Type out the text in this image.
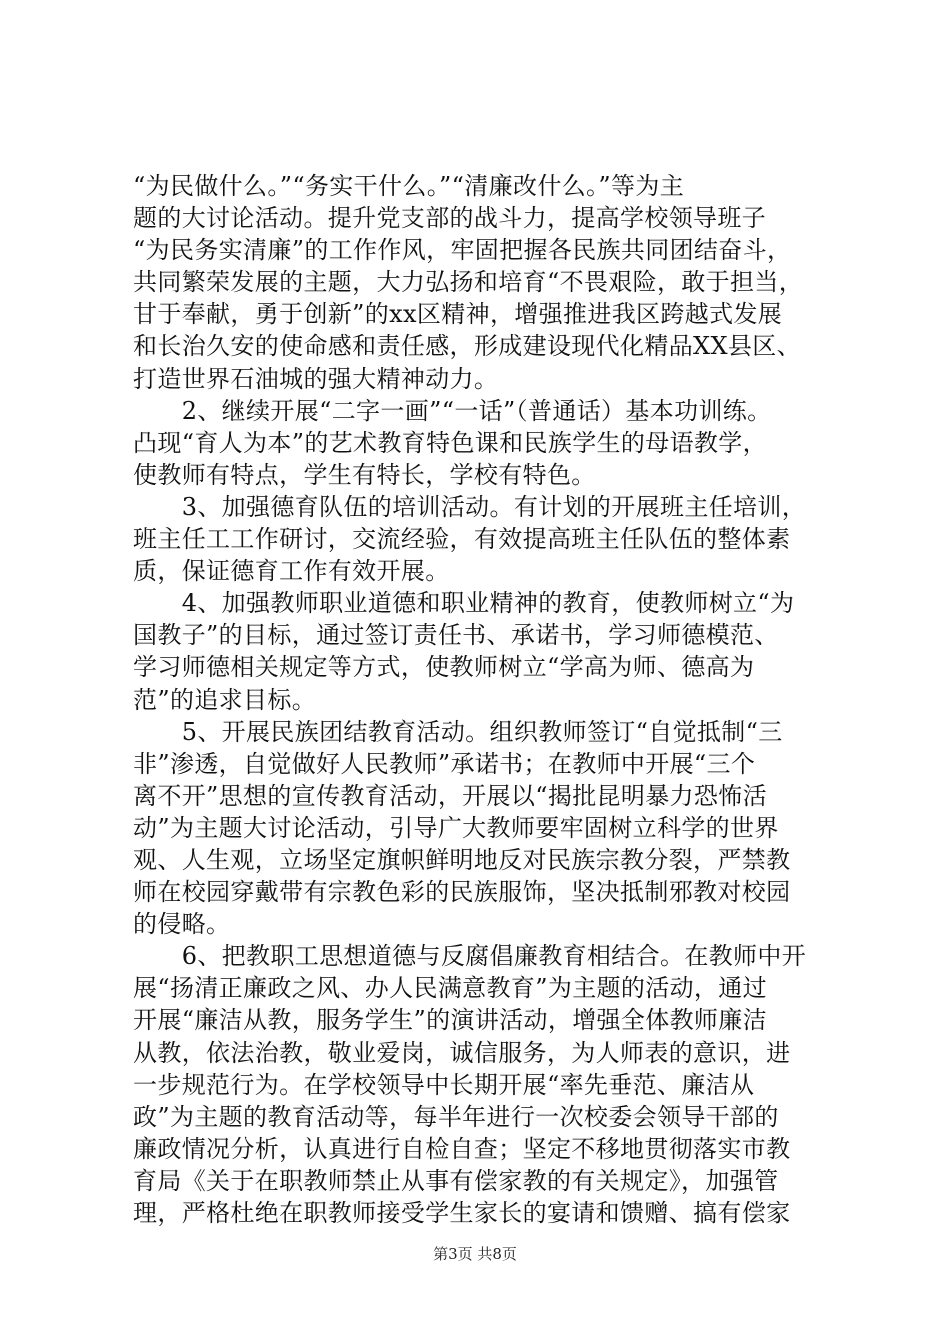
“为民做什么。”“务实干什么。”“清廉改什么。”等为主
题的大讨论活动。提升党支部的战斗力，提高学校领导班子
“为民务实清廉”的工作作风，牢固把握各民族共同团结奋斗，
共同繁荣发展的主题，大力弘扬和培育“不畏艰险，敢于担当，
甘于奉献，勇于创新”的xx区精神，增强推进我区跨越式发展
和长治久安的使命感和责任感，形成建设现代化精品XX县区、
打造世界石油城的强大精神动力。
　　2、继续开展“二字一画”“一话”（普通话）基本功训练。
凸现“育人为本”的艺术教育特色课和民族学生的母语教学，
使教师有特点，学生有特长，学校有特色。
　　3、加强德育队伍的培训活动。有计划的开展班主任培训，
班主任工工作研讨，交流经验，有效提高班主任队伍的整体素
质，保证德育工作有效开展。
　　4、加强教师职业道德和职业精神的教育，使教师树立“为
国教子”的目标，通过签订责任书、承诺书，学习师德模范、
学习师德相关规定等方式，使教师树立“学高为师、德高为
范”的追求目标。
　　5、开展民族团结教育活动。组织教师签订“自觉抵制“三
非”渗透，自觉做好人民教师”承诺书；在教师中开展“三个
离不开”思想的宣传教育活动，开展以“揭批昆明暴力恐怖活
动”为主题大讨论活动，引导广大教师要牢固树立科学的世界
观、人生观，立场坚定旗帜鲜明地反对民族宗教分裂，严禁教
师在校园穿戴带有宗教色彩的民族服饰，坚决抵制邪教对校园
的侵略。
　　6、把教职工思想道德与反腐倡廉教育相结合。在教师中开
展“扬清正廉政之风、办人民满意教育”为主题的活动，通过
开展“廉洁从教，服务学生”的演讲活动，增强全体教师廉洁
从教，依法治教，敬业爱岗，诚信服务，为人师表的意识，进
一步规范行为。在学校领导中长期开展“率先垂范、廉洁从
政”为主题的教育活动等，每半年进行一次校委会领导干部的
廉政情况分析，认真进行自检自查；坚定不移地贯彻落实市教
育局《关于在职教师禁止从事有偿家教的有关规定》，加强管
理，严格杜绝在职教师接受学生家长的宴请和馈赠、搞有偿家
第3页 共8页
